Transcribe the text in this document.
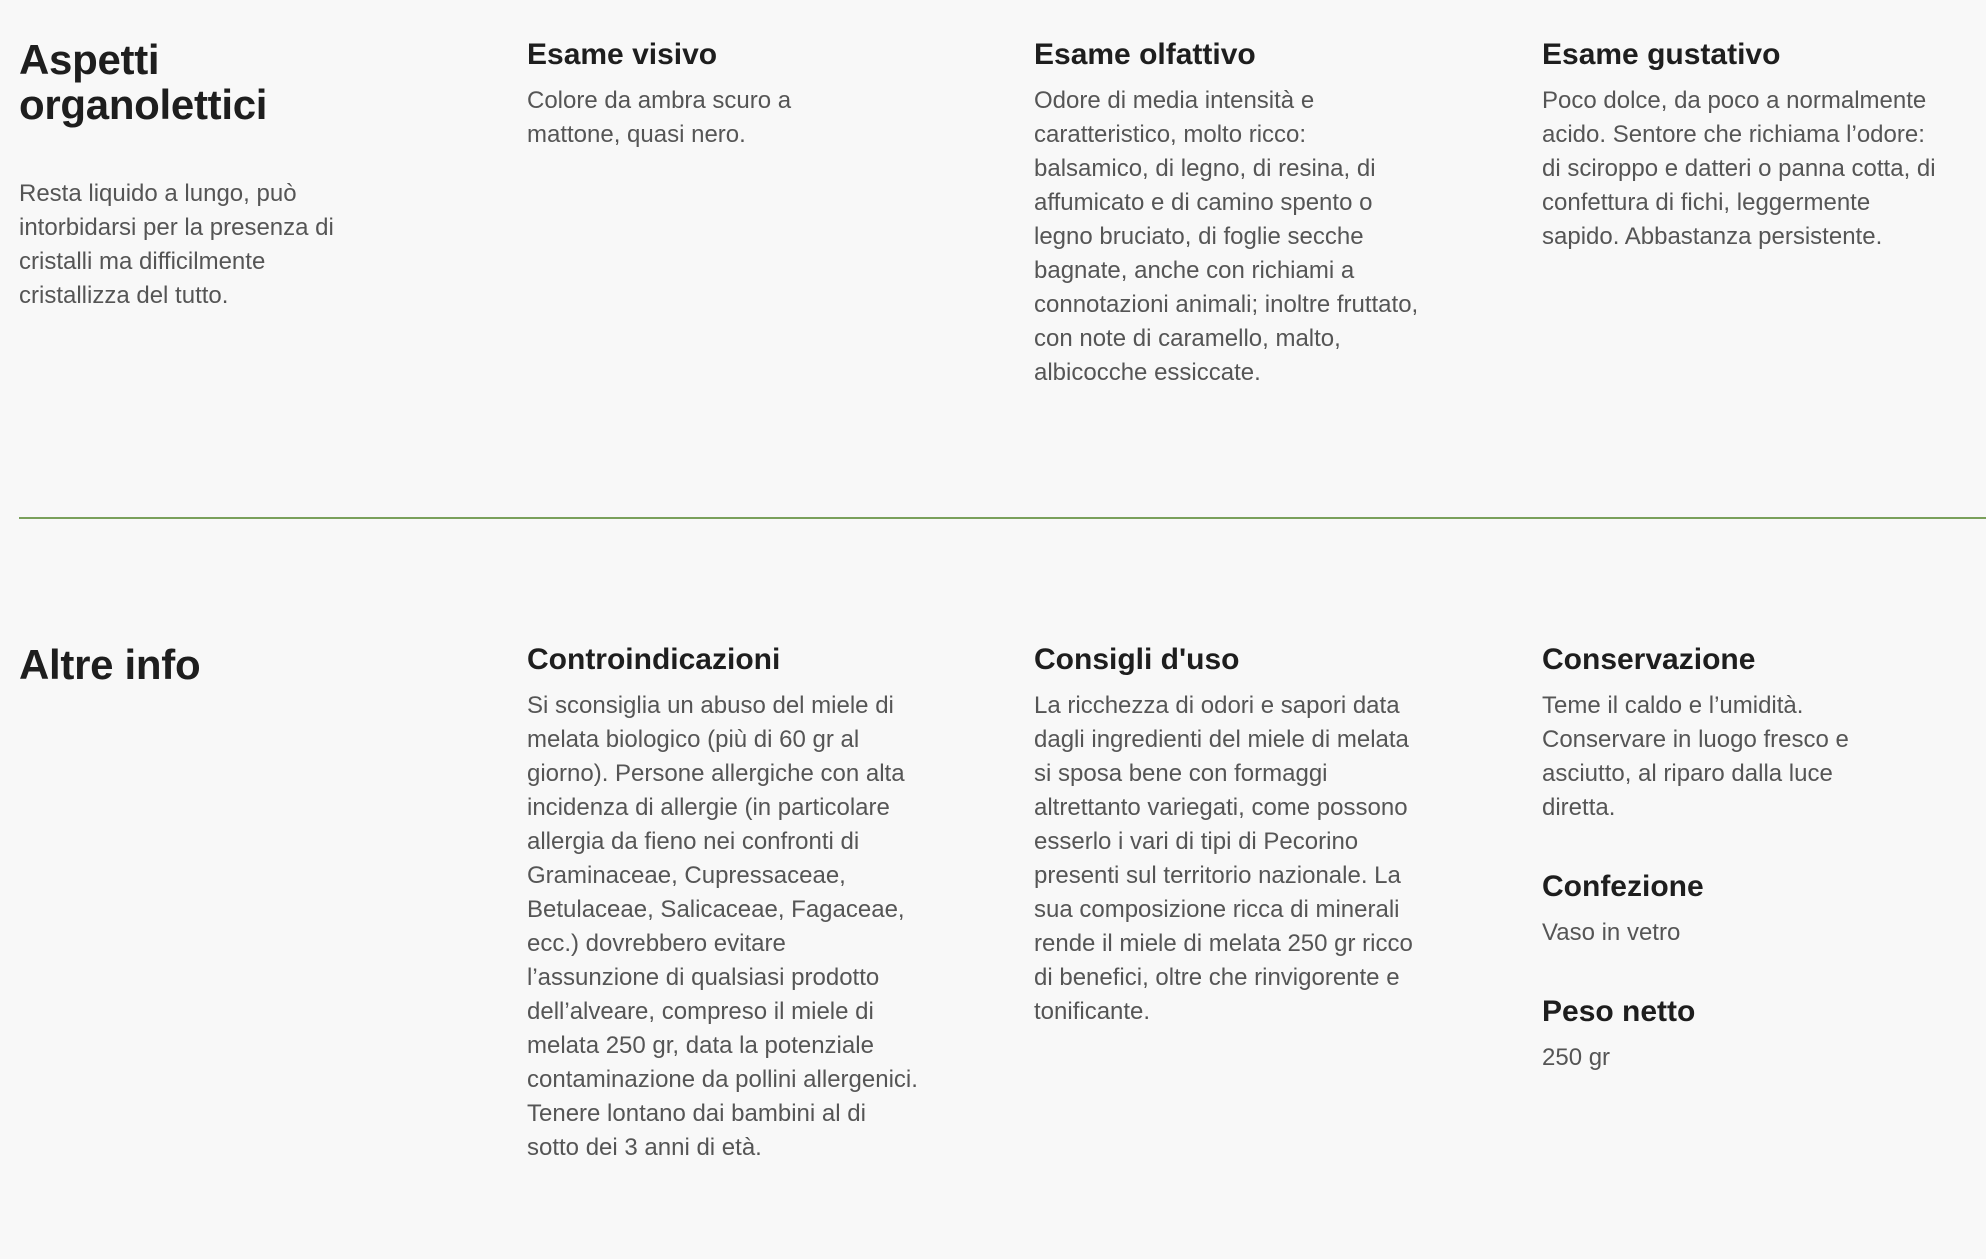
Aspetti organolettici

Resta liquido a lungo, può intorbidarsi per la presenza di cristalli ma difficilmente cristallizza del tutto.

Esame visivo

Colore da ambra scuro a mattone, quasi nero.

Esame olfattivo

Odore di media intensità e caratteristico, molto ricco: balsamico, di legno, di resina, di affumicato e di camino spento o legno bruciato, di foglie secche bagnate, anche con richiami a connotazioni animali; inoltre fruttato, con note di caramello, malto, albicocche essiccate.

Esame gustativo

Poco dolce, da poco a normalmente acido. Sentore che richiama l’odore: di sciroppo e datteri o panna cotta, di confettura di fichi, leggermente sapido. Abbastanza persistente.

Altre info	Controindicazioni

Si sconsiglia un abuso del miele di melata biologico (più di 60 gr al giorno). Persone allergiche con alta incidenza di allergie (in particolare allergia da fieno nei confronti di Graminaceae, Cupressaceae, Betulaceae, Salicaceae, Fagaceae, ecc.) dovrebbero evitare l’assunzione di qualsiasi prodotto dell’alveare, compreso il miele di melata 250 gr, data la potenziale contaminazione da pollini allergenici. Tenere lontano dai bambini al di sotto dei 3 anni di età.

Consigli d'uso

La ricchezza di odori e sapori data dagli ingredienti del miele di melata si sposa bene con formaggi altrettanto variegati, come possono esserlo i vari di tipi di Pecorino presenti sul territorio nazionale. La sua composizione ricca di minerali rende il miele di melata 250 gr ricco di benefici, oltre che rinvigorente e tonificante.

Conservazione

Teme il caldo e l’umidità. Conservare in luogo fresco e asciutto, al riparo dalla luce diretta.

Confezione

Vaso in vetro

Peso netto

250 gr
